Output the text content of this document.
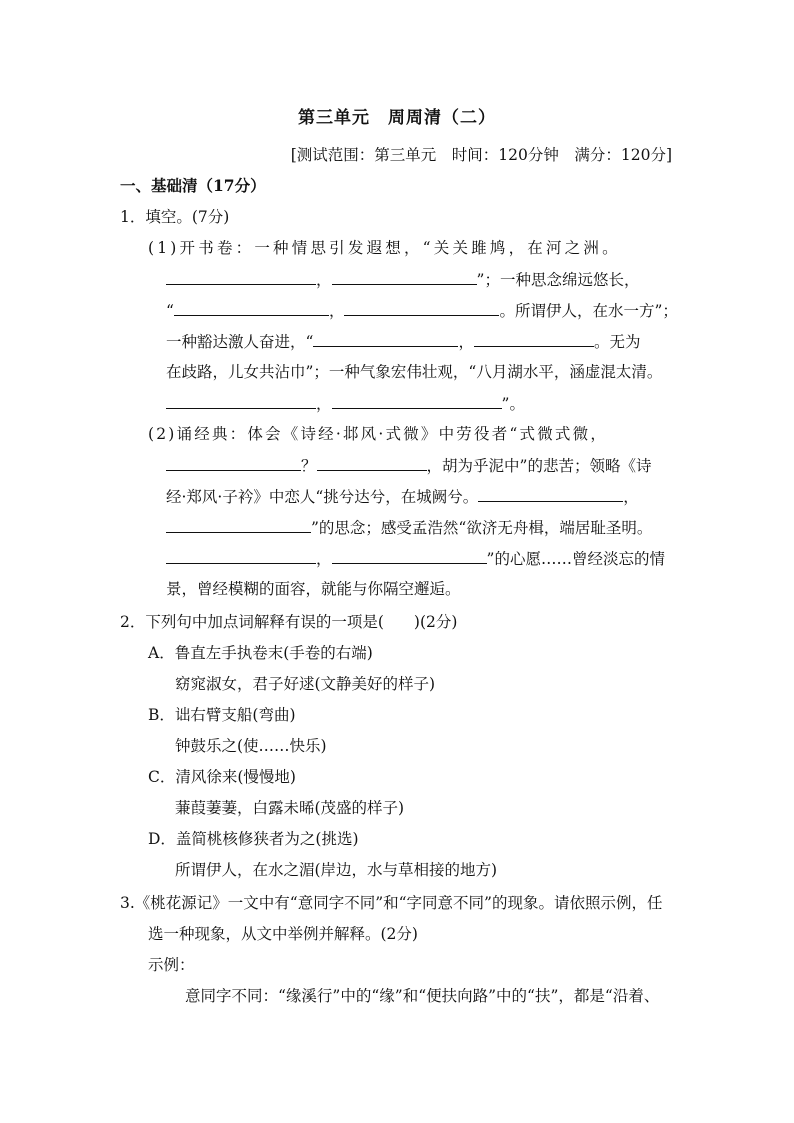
第三单元　周周清（二）
[测试范围：第三单元　时间：120分钟　满分：120分]
一、基础清（17分）
1．填空。(7分)
(1)开书卷：一种情思引发遐想，“关关雎鸠，在河之洲。
，	”；一种思念绵远悠长，
“	，	。所谓伊人，在水一方”；
一种豁达激人奋进，“	，	。无为
在歧路，儿女共沾巾”；一种气象宏伟壮观，“八月湖水平，涵虚混太清。
，	”。
(2)诵经典：体会《诗经·邶风·式微》中劳役者“式微式微，
？	，胡为乎泥中”的悲苦；领略《诗
经·郑风·子衿》中恋人“挑兮达兮，在城阙兮。	，
”的思念；感受孟浩然“欲济无舟楫，端居耻圣明。
，	”的心愿……曾经淡忘的情
景，曾经模糊的面容，就能与你隔空邂逅。
2．下列句中加点词解释有误的一项是( )(2分)
A．鲁直左手执卷末(手卷的右端)
窈窕淑女，君子好逑(文静美好的样子)
B．诎右臂支船(弯曲)
钟鼓乐之(使……快乐)
C．清风徐来(慢慢地)
蒹葭萋萋，白露未晞(茂盛的样子)
D．盖简桃核修狭者为之(挑选)
所谓伊人，在水之湄(岸边，水与草相接的地方)
3.《桃花源记》一文中有“意同字不同”和“字同意不同”的现象。请依照示例，任
选一种现象，从文中举例并解释。(2分)
示例：
意同字不同：“缘溪行”中的“缘”和“便扶向路”中的“扶”，都是“沿着、
